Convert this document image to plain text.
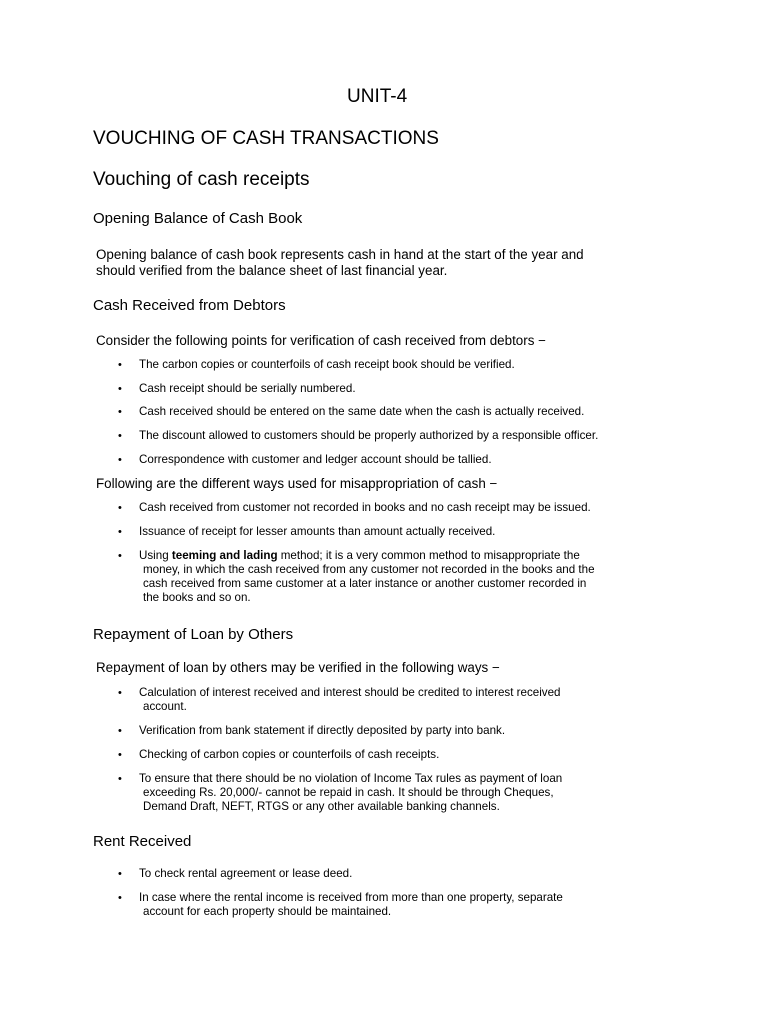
UNIT-4
VOUCHING OF CASH TRANSACTIONS
Vouching of cash receipts
Opening Balance of Cash Book
Opening balance of cash book represents cash in hand at the start of the year and
should verified from the balance sheet of last financial year.
Cash Received from Debtors
Consider the following points for verification of cash received from debtors −
•	The carbon copies or counterfoils of cash receipt book should be verified.
•	Cash receipt should be serially numbered.
•	Cash received should be entered on the same date when the cash is actually received.
•	The discount allowed to customers should be properly authorized by a responsible officer.
•	Correspondence with customer and ledger account should be tallied.
Following are the different ways used for misappropriation of cash −
•	Cash received from customer not recorded in books and no cash receipt may be issued.
•	Issuance of receipt for lesser amounts than amount actually received.
•	Using teeming and lading method; it is a very common method to misappropriate the
money, in which the cash received from any customer not recorded in the books and the
cash received from same customer at a later instance or another customer recorded in
the books and so on.
Repayment of Loan by Others
Repayment of loan by others may be verified in the following ways −
•	Calculation of interest received and interest should be credited to interest received
account.
•	Verification from bank statement if directly deposited by party into bank.
•	Checking of carbon copies or counterfoils of cash receipts.
•	To ensure that there should be no violation of Income Tax rules as payment of loan
exceeding Rs. 20,000/- cannot be repaid in cash. It should be through Cheques,
Demand Draft, NEFT, RTGS or any other available banking channels.
Rent Received
•	To check rental agreement or lease deed.
•	In case where the rental income is received from more than one property, separate
account for each property should be maintained.
